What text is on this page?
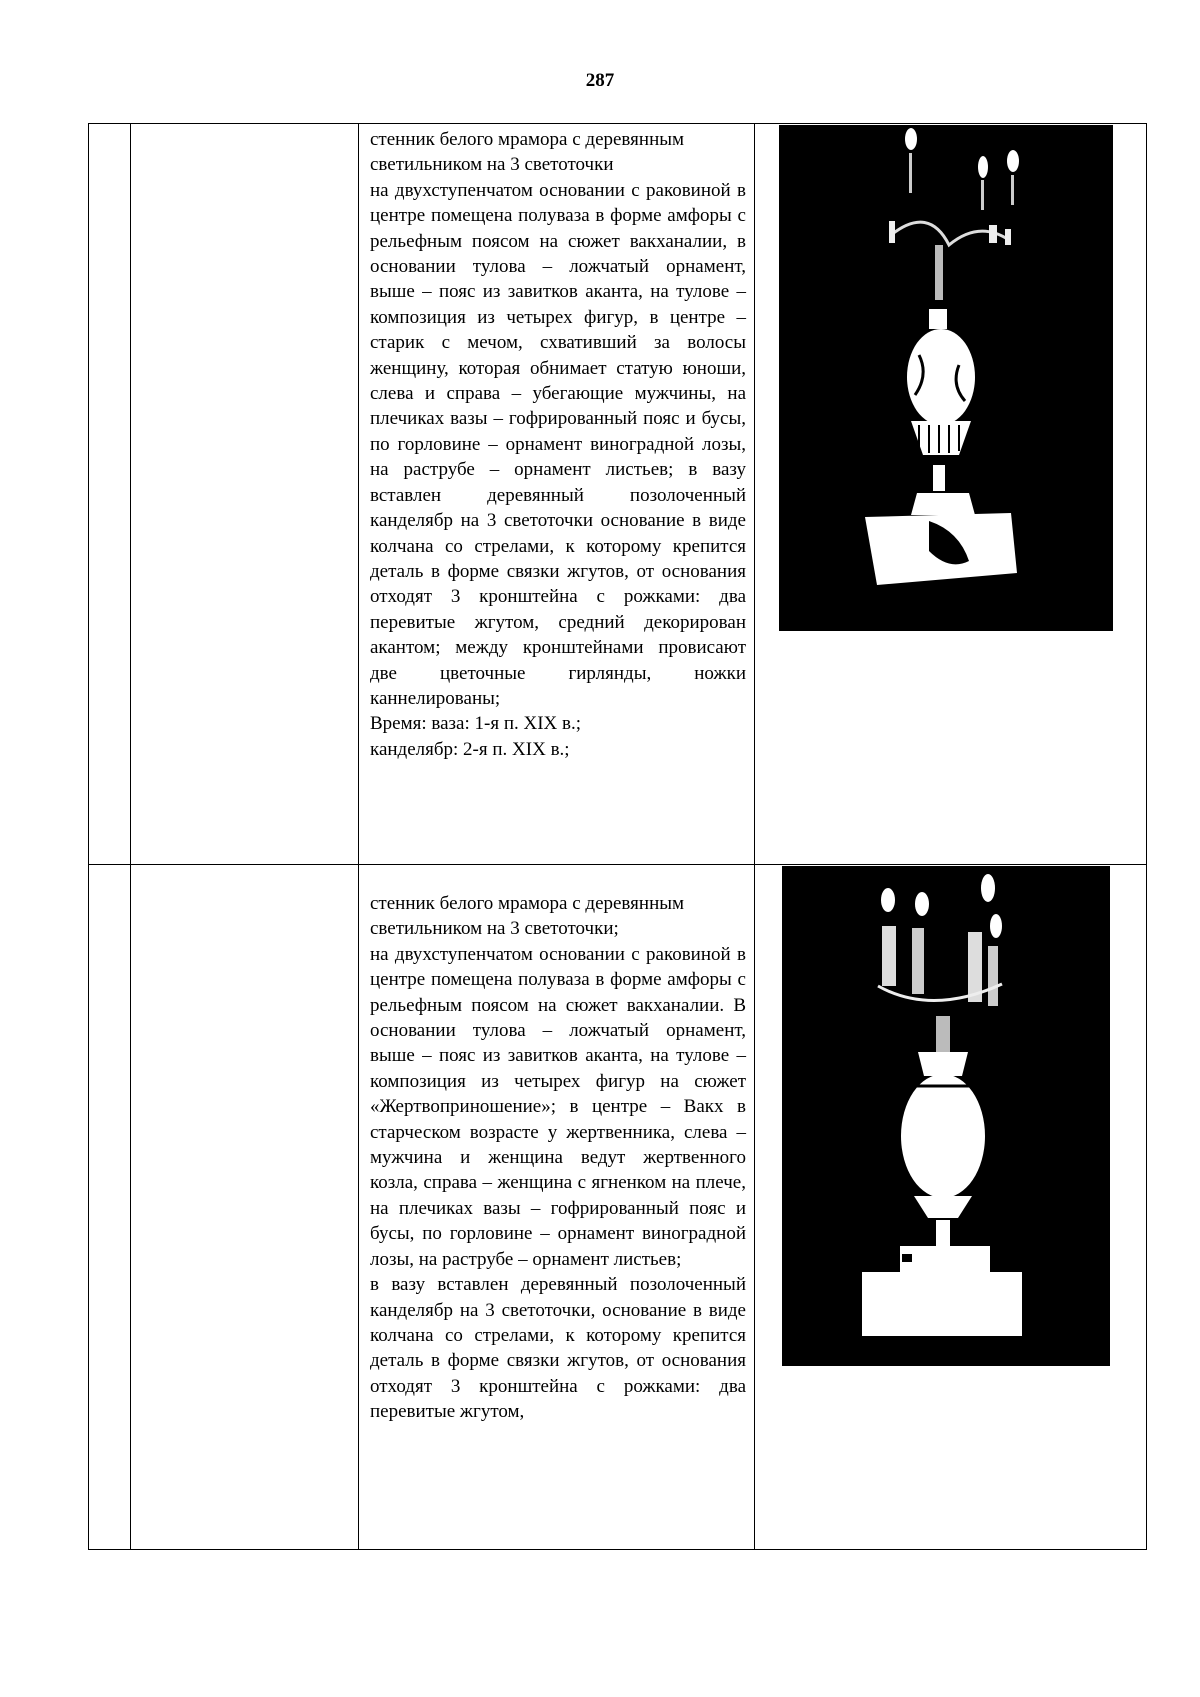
287

		стенник белого мрамора с деревянным светильником на 3 светоточки

на двухступенчатом основании с раковиной в центре помещена полуваза в форме амфоры с рельефным поясом на сюжет вакханалии, в основании тулова – ложчатый орнамент, выше – пояс из завитков аканта, на тулове – композиция из четырех фигур, в центре – старик с мечом, схвативший за волосы женщину, которая обнимает статую юноши, слева и справа – убегающие мужчины, на плечиках вазы – гофрированный пояс и бусы, по горловине – орнамент виноградной лозы, на раструбе – орнамент листьев; в вазу вставлен деревянный позолоченный канделябр на 3 светоточки основание в виде колчана со стрелами, к которому крепится деталь в форме связки жгутов, от основания отходят 3 кронштейна с рожками: два перевитые жгутом, средний декорирован акантом; между кронштейнами провисают две цветочные гирлянды, ножки каннелированы;

Время: ваза: 1-я п. XIX в.;

канделябр: 2-я п. XIX в.;

		стенник белого мрамора с деревянным светильником на 3 светоточки;

на двухступенчатом основании с раковиной в центре помещена полуваза в форме амфоры с рельефным поясом на сюжет вакханалии. В основании тулова – ложчатый орнамент, выше – пояс из завитков аканта, на тулове – композиция из четырех фигур на сюжет «Жертвоприношение»; в центре – Вакх в старческом возрасте у жертвенника, слева – мужчина и женщина ведут жертвенного козла, справа – женщина с ягненком на плече, на плечиках вазы – гофрированный пояс и бусы, по горловине – орнамент виноградной лозы, на раструбе – орнамент листьев;

в вазу вставлен деревянный позолоченный канделябр на 3 светоточки, основание в виде колчана со стрелами, к которому крепится деталь в форме связки жгутов, от основания отходят 3 кронштейна с рожками: два перевитые жгутом,
